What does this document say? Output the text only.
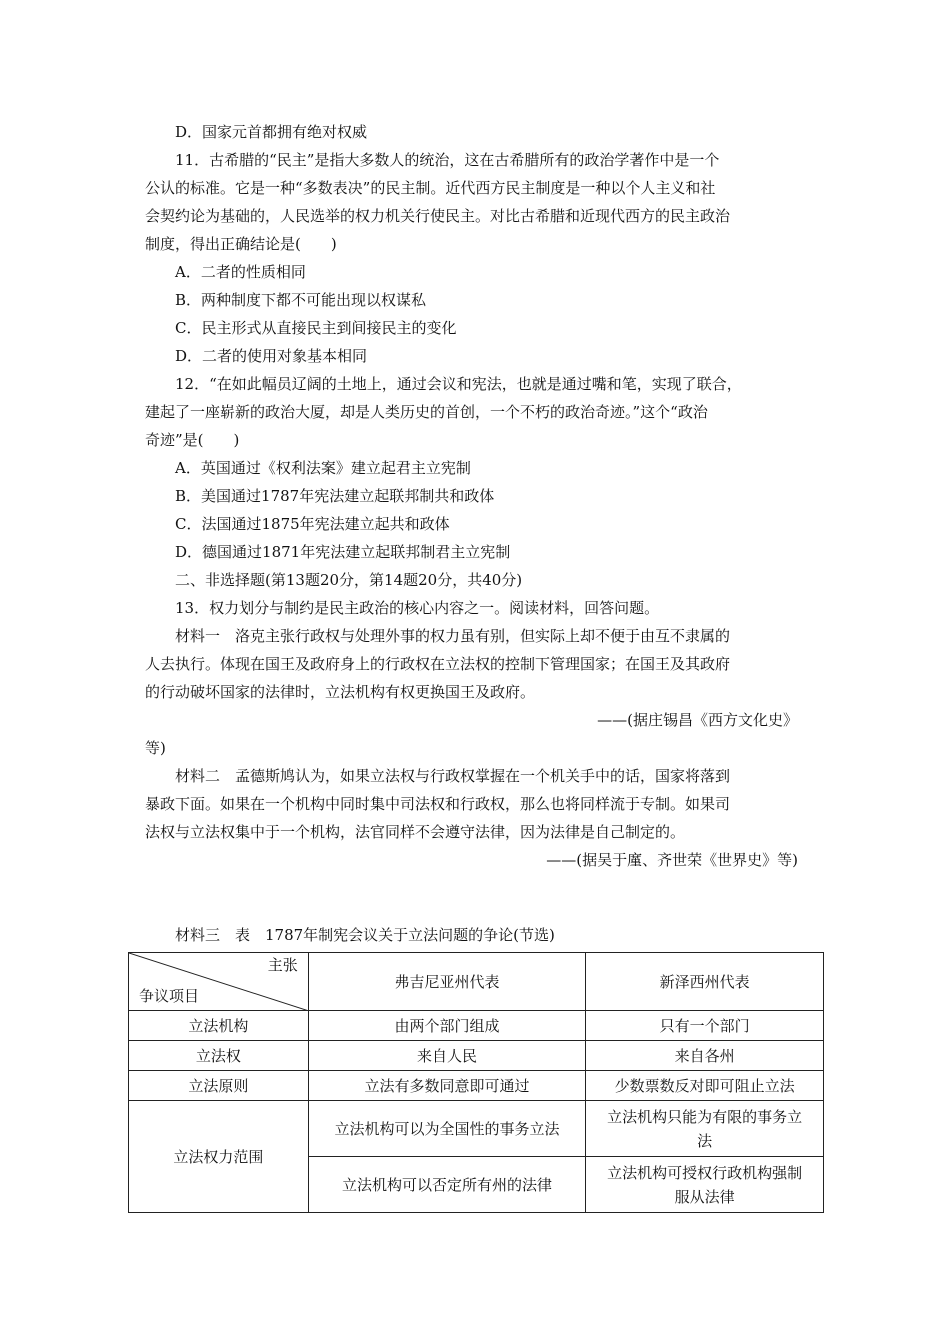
D．国家元首都拥有绝对权威
11．古希腊的“民主”是指大多数人的统治，这在古希腊所有的政治学著作中是一个
公认的标准。它是一种“多数表决”的民主制。近代西方民主制度是一种以个人主义和社
会契约论为基础的，人民选举的权力机关行使民主。对比古希腊和近现代西方的民主政治
制度，得出正确结论是(　　)
A．二者的性质相同
B．两种制度下都不可能出现以权谋私
C．民主形式从直接民主到间接民主的变化
D．二者的使用对象基本相同
12．“在如此幅员辽阔的土地上，通过会议和宪法，也就是通过嘴和笔，实现了联合，
建起了一座崭新的政治大厦，却是人类历史的首创，一个不朽的政治奇迹。”这个“政治
奇迹”是(　　)
A．英国通过《权利法案》建立起君主立宪制
B．美国通过1787年宪法建立起联邦制共和政体
C．法国通过1875年宪法建立起共和政体
D．德国通过1871年宪法建立起联邦制君主立宪制
二、非选择题(第13题20分，第14题20分，共40分)
13．权力划分与制约是民主政治的核心内容之一。阅读材料，回答问题。
材料一　洛克主张行政权与处理外事的权力虽有别，但实际上却不便于由互不隶属的
人去执行。体现在国王及政府身上的行政权在立法权的控制下管理国家；在国王及其政府
的行动破坏国家的法律时，立法机构有权更换国王及政府。
——(据庄锡昌《西方文化史》
等)
材料二　孟德斯鸠认为，如果立法权与行政权掌握在一个机关手中的话，国家将落到
暴政下面。如果在一个机构中同时集中司法权和行政权，那么也将同样流于专制。如果司
法权与立法权集中于一个机构，法官同样不会遵守法律，因为法律是自己制定的。
——(据吴于廑、齐世荣《世界史》等)
材料三　表　1787年制宪会议关于立法问题的争论(节选)
主张
争议项目	弗吉尼亚州代表	新泽西州代表
立法机构	由两个部门组成	只有一个部门
立法权	来自人民	来自各州
立法原则	立法有多数同意即可通过	少数票数反对即可阻止立法
立法权力范围	立法机构可以为全国性的事务立法	立法机构只能为有限的事务立
法

	立法机构可以否定所有州的法律	立法机构可授权行政机构强制
服从法律
